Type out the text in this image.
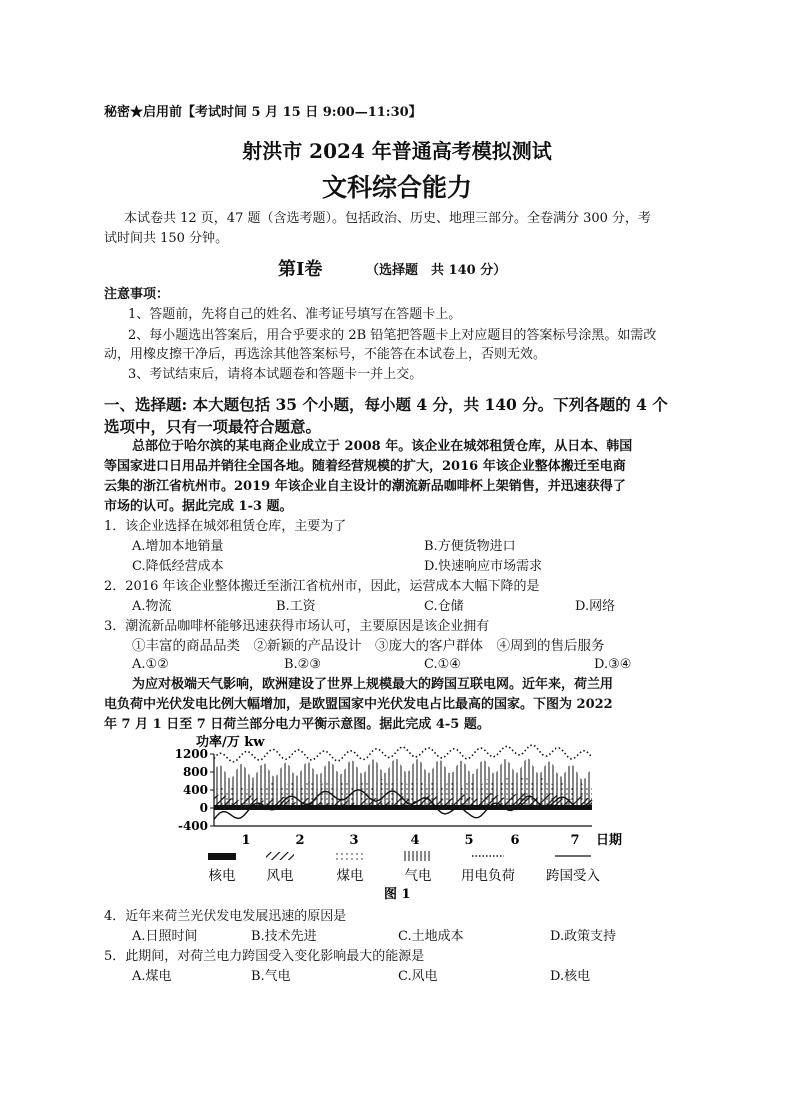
秘密★启用前【考试时间 5 月 15 日 9:00—11:30】
射洪市 2024 年普通高考模拟测试
文科综合能力
本试卷共 12 页，47 题（含选考题）。包括政治、历史、地理三部分。全卷满分 300 分，考
试时间共 150 分钟。
第Ⅰ卷	（选择题　共 140 分）
注意事项：
1、答题前，先将自己的姓名、准考证号填写在答题卡上。
2、每小题选出答案后，用合乎要求的 2B 铅笔把答题卡上对应题目的答案标号涂黑。如需改
动，用橡皮擦干净后，再选涂其他答案标号，不能答在本试卷上，否则无效。
3、考试结束后，请将本试题卷和答题卡一并上交。
一、选择题: 本大题包括 35 个小题，每小题 4 分，共 140 分。下列各题的 4 个
选项中，只有一项最符合题意。
总部位于哈尔滨的某电商企业成立于 2008 年。该企业在城郊租赁仓库，从日本、韩国
等国家进口日用品并销往全国各地。随着经营规模的扩大，2016 年该企业整体搬迁至电商
云集的浙江省杭州市。2019 年该企业自主设计的潮流新品咖啡杯上架销售，并迅速获得了
市场的认可。据此完成 1-3 题。
1．该企业选择在城郊租赁仓库，主要为了
A.增加本地销量	B.方便货物进口
C.降低经营成本	D.快速响应市场需求
2．2016 年该企业整体搬迁至浙江省杭州市，因此，运营成本大幅下降的是
A.物流	B.工资	C.仓储	D.网络
3．潮流新品咖啡杯能够迅速获得市场认可，主要原因是该企业拥有
①丰富的商品品类　②新颖的产品设计　③庞大的客户群体　④周到的售后服务
A.①②	B.②③	C.①④	D.③④
为应对极端天气影响，欧洲建设了世界上规模最大的跨国互联电网。近年来，荷兰用
电负荷中光伏发电比例大幅增加，是欧盟国家中光伏发电占比最高的国家。下图为 2022
年 7 月 1 日至 7 日荷兰部分电力平衡示意图。据此完成 4-5 题。
功率/万 kw
1200
800
400
0
-400
1	2	3	4	5	6	7 日期
核电 风电	煤电	气电 用电负荷 跨国受入
图 1
4．近年来荷兰光伏发电发展迅速的原因是
A.日照时间	B.技术先进	C.土地成本	D.政策支持
5．此期间，对荷兰电力跨国受入变化影响最大的能源是
A.煤电	B.气电	C.风电	D.核电
